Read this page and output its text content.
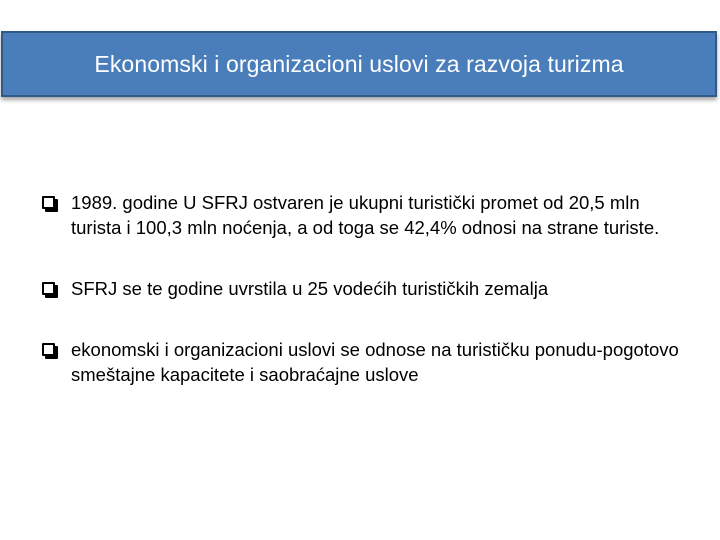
Ekonomski i organizacioni uslovi za razvoja turizma
1989. godine U SFRJ ostvaren je ukupni turistički promet od 20,5 mln turista i 100,3 mln noćenja, a od toga se 42,4% odnosi na strane turiste.
SFRJ se te godine uvrstila u 25 vodećih turističkih zemalja
ekonomski i organizacioni uslovi se odnose na turističku ponudu-pogotovo smeštajne kapacitete i saobraćajne uslove
